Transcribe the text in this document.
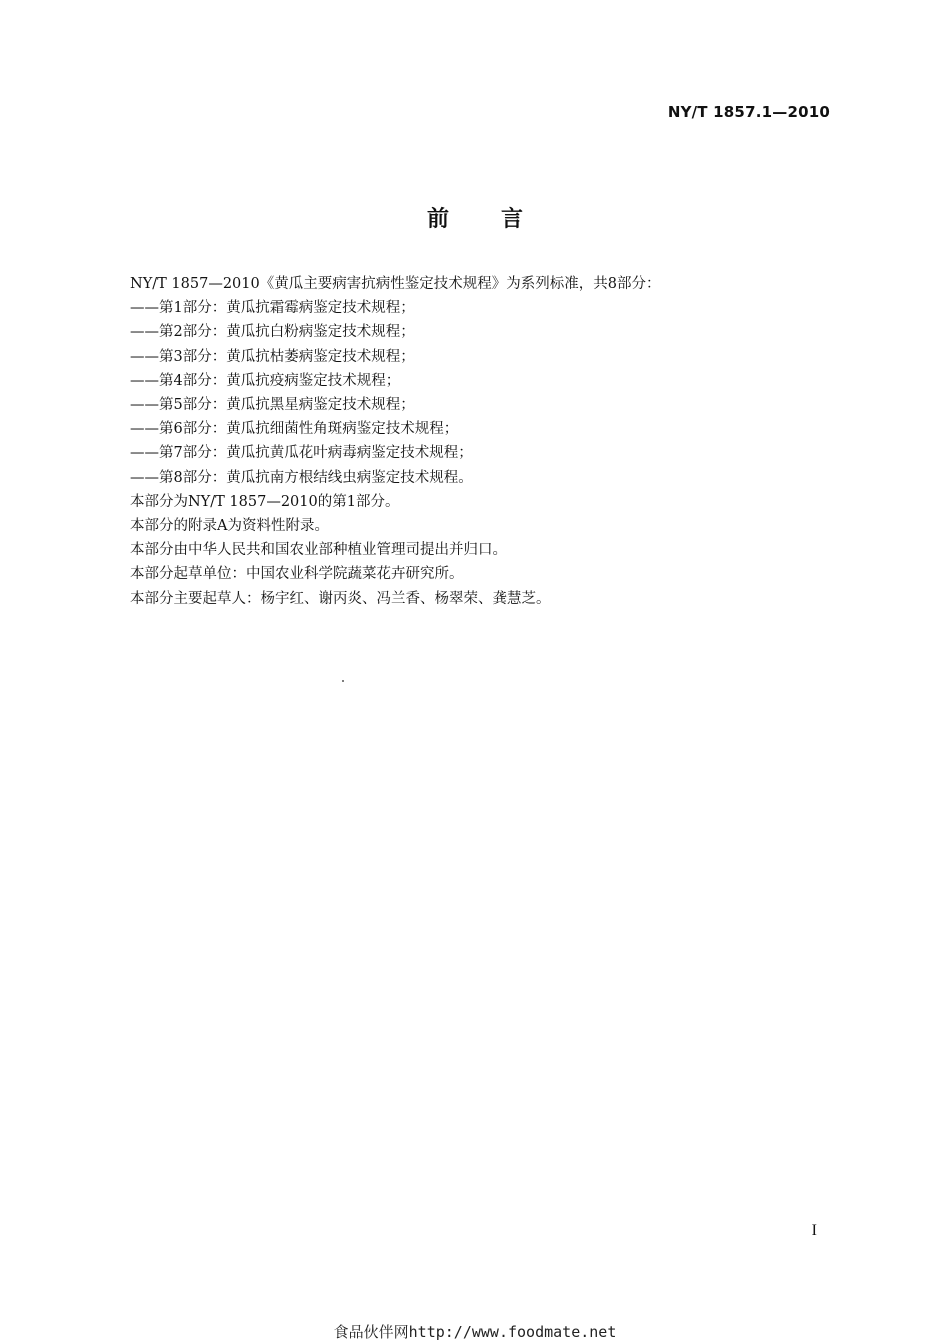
NY/T 1857.1—2010
前言
NY/T 1857—2010《黄瓜主要病害抗病性鉴定技术规程》为系列标准，共8部分：
——第1部分：黄瓜抗霜霉病鉴定技术规程；
——第2部分：黄瓜抗白粉病鉴定技术规程；
——第3部分：黄瓜抗枯萎病鉴定技术规程；
——第4部分：黄瓜抗疫病鉴定技术规程；
——第5部分：黄瓜抗黑星病鉴定技术规程；
——第6部分：黄瓜抗细菌性角斑病鉴定技术规程；
——第7部分：黄瓜抗黄瓜花叶病毒病鉴定技术规程；
——第8部分：黄瓜抗南方根结线虫病鉴定技术规程。
本部分为NY/T 1857—2010的第1部分。
本部分的附录A为资料性附录。
本部分由中华人民共和国农业部种植业管理司提出并归口。
本部分起草单位：中国农业科学院蔬菜花卉研究所。
本部分主要起草人：杨宇红、谢丙炎、冯兰香、杨翠荣、龚慧芝。
I
食品伙伴网http://www.foodmate.net
